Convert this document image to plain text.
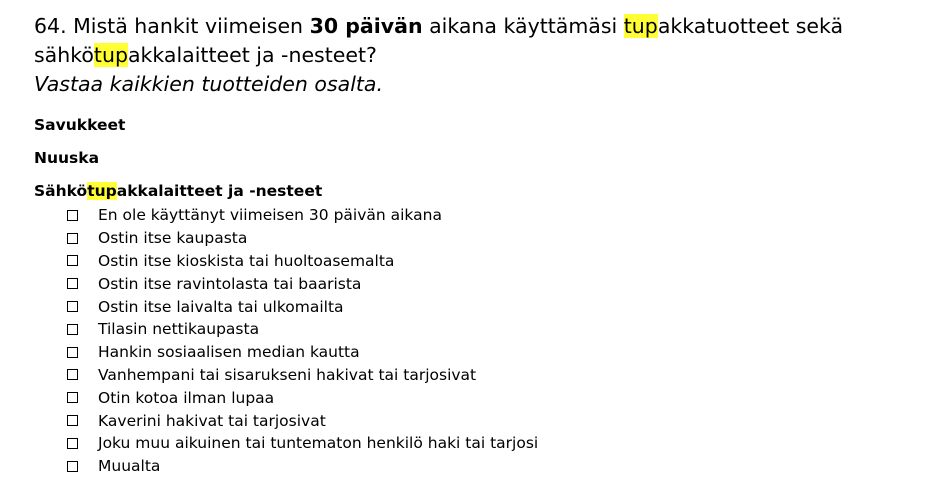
64. Mistä hankit viimeisen 30 päivän aikana käyttämäsi tupakkatuotteet sekä sähkötupakkalaitteet ja -nesteet?
Vastaa kaikkien tuotteiden osalta.

Savukkeet

Nuuska

Sähkötupakkalaitteet ja -nesteet

En ole käyttänyt viimeisen 30 päivän aikana
Ostin itse kaupasta
Ostin itse kioskista tai huoltoasemalta
Ostin itse ravintolasta tai baarista
Ostin itse laivalta tai ulkomailta
Tilasin nettikaupasta
Hankin sosiaalisen median kautta
Vanhempani tai sisarukseni hakivat tai tarjosivat
Otin kotoa ilman lupaa
Kaverini hakivat tai tarjosivat
Joku muu aikuinen tai tuntematon henkilö haki tai tarjosi
Muualta
